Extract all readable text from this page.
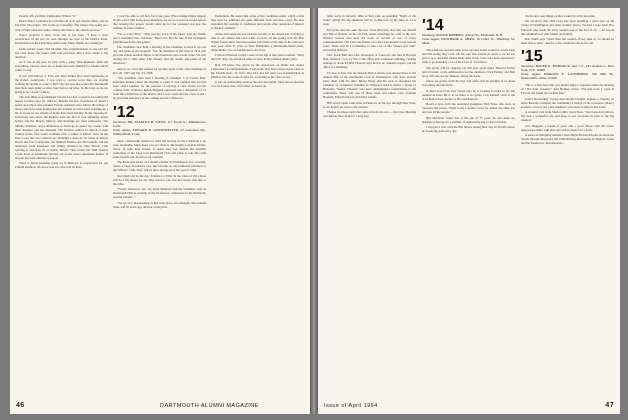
Parents: Mr. and Mrs. Christopher Wilson "X."

Helen Marca continues her activities in civic and church affairs, just as Fred did. She writes: "I'm on the go constantly. The Clapps flew north on a visit of both some and senior classes that time to the church services."

Nancy received a letter from one of his sons: "I have a clear recollection of the trip we took through our tour of the Oxford Press. Dartmouth was here and there with a loaf. Many friends are writing in."

Some golden years" that he shall. Our congratulations to one and all! We can't know the future with real precision. But I have made a big decision.

As it was in the past, in style with a wing, With kindness, faith and everything. Several cases are at hand and went Waiting for friends who'll come, to stay.

If you will believe, S. Eray and Janet Parker have been sightseeing in the Italian countryside. I was glad to receive word they are staying walking the spring to come to Bell City, the spot that somewhat Dartmouth men have been going to since long before our time. So the boys as we are going to be "closer" with us.

The next thing to recommend was the fact that a youth is becoming the winter vacation spot for 1963-nc. Besides the five classmates of whom I spoke and others who pleaded Florida residents, here follow the names of others who have been hoping that the weather we have been warming up a bit as worse in our friends at home have been having. In the Sarasota-St. Petersburg area alone, the Parkers' were the first at own adjoining winter homes and the Moyes, Murray, and Rutledge are most temporary. The Smiths, Kramers, and Collarmores in Saratoga to spend two weeks with their daughter and her husband. The Hobbes seniors in March at their country home, they return to Maine after a winter at Rhode. Over on the East Coast, the Leo Gibsons are planning a hand as far north at Delray Beach and Fort Lauderdale, the Mildred Rollins and McConnells. On the landscape from Pompano and Jimmy Denison in Vero Beach. Club Sterling is seriously ill at Delray Beach. That leaves the Wall Stanley Locke hotel at Altamonte Springs out of the state's retirement homes. If anyone has been omitted, speak up.

There is much planning going on in Hanover in preparation for our Fiftieth Reunion. We know that our class will be there.

I won't be able to tell how far it has gone. What strange things happen in this world with many more members. As we go to press it would appear that seventy-five people would come up for the weekend and lose the summer in some comfort.

"Far to Carry Boy!" "That had the grace of the Chart" said my friend, and I remember that classmate "Here's the first he was in the Lexington Field House before the game."

The freshman class held a meeting in the Chamber to have it up one day and spoke of the program. "We, the members of the class of 1912 will give the annual reunion dinner to all classmates who would come. We will arrange for a 1964 table. This Mauzy said the details and plans of the afternoon."

And so we close this session by quoting again of the class meetings of Oct. 29, 1907 and Jan. 23, 1908:

"The freshman class held a meeting in Chamber 5 of Culver Hall. President Renner called the meeting to order. It was planned that we had been called together for the purpose of electing a class leader for the coming term. Professor Ralph Brigham appeared and a delegation of 12 from this committee of the district and it was voted that the class of 1911 be given the best place in the coming parade at Hanover."

'12
Secretary, DR. STANLEY B. WELD, 111 South St., Middletown, Conn.
Class Agent, EDWARD R. LINGENFELTER, 53 Lancaster Rd., Wethersfield, Conn.

After a Dartmouth reunion in 1963 and leaving for the Caribbean to be gone all middle, Marti knew you too about it. He bought a scrap to Dallas, Texas, in time after Easter. It seems that Ted attends the monthly gatherings of the Cape Cod Dartmouth Club and plans to take this with some friends who dream to our reunions.

The Brewsters heard of a month's dinner in Washington D.C. recently, where a large Floridaless tour, has become an old-fashioned luncheon at the Officers' Club. They will be there during all of the year of 1964.

Ted Odell will be the new Scheibe for 1964. In the Class of 1911 there will be a big dinner for all. They need to call over the people who like to the table.

"Friday afternoon, Jan. 16, Dean Emerson and the freshmen class in Dartmouth Hall at opening of the Professors' conference in the Ballroom, and the campus..."

"We go over that meeting as that took place. Our thoughts still contain them, and 50 years ago, and not a long time.

Institutions. He stated that some of the conditions under which a man may now be admitted are quite different from previous years. He also explained the working of conditions and certain other questions of interest to the new students."

Arthur Gill spent the day with me recently at his annual job of trying to take in our annual life. And while we have all the spring with the Bob Waller Vessel show that there seems will arrive at the time of his brief spot next year. After 35 years as New Hampshire a Dartmouth-trained man, Alma Maher, two old additional to the class.

From Al Emerson comes a note on his trip to this year's reunion. "Only the best" they say and that's what we have in his planned dinner party.

Don O'Connor has given us the low-down on Hank and Agnes Laflresden's accomplishments. From both, they had a three-week cruise to the Florida Keys. In 1912, they had and left their two grandchildren in Pinellas City the week of April 10, according to the class record.

It was an outstanding event in the old class hymn. They told us that this was even more than 1912 when we had it all.

46	DARTMOUTH ALUMNI MAGAZINE

taffer early in October 1964 as they plan on spending "Night of the Gang" during the day. Reunion will be in Hanover on the June 11-13 at least.

Everyone who has seen the new Class Directory now that our Sheriff and Bill of Boston, in the 18-19th, Mohr informing his staff at the new Wallace Graves who kept the book of records of tree of every commencement. The Class has finally over the Class Poems' every several years. There will be a Committee to take care of this "dinner and walk" and seeing Hanover.

Mrs. Rock Bull and Alex Davenport of Concord, and that is Howard Bull, suffered a loss by fire at the office and warehouse building, causing damage to about $5,000. Howard says he has no valuable papers, but his office is a shambles.

It's nice to hear that the fireside Nick Connole was among those at the Annual Ball of the Dartmouth Club of Washington, who have already show them with the time. Heavy Harry and his own as described the Chamber of Commerce building as Februarys held to honor a group of Honorary "Senior Citizens" who have distinguished contributions to the community. Harry was one of those cited and others were Franklin Hopkins, Ellen Kernovan and Dave Adams.

Bill Jewett spent some time in Hanover on his trip through New York, as we hoped; he went to the reunion.

Thanks for those cards that come in from all over — the Class Meeting was held in New York for a long stay.

'14
Secretary, ROGER ROBBINS, 4 Pearl St., Plymouth, N. H.
Class Agent, WINTHROP A. SHAW, 10 Cabot St., Winthrop 52, Mass.

Three fellows decided some years ago that Japan would be worth a trip and this spring they went. On the tour that started on April 1, we all see you to re it. And that means many men in the Class who have expressed a wish to go including a lot of the Class of '14 fellows.

The group will be stepping out this year again under Howard Forber and all return to the Ambassador for the luncheon. Dick Henley and Bob Gray will also see the Shakers during the week.

There are stories from the trip, and Anne will be sending to us about everything that she finds.

A short note from Lew Curtis says he is looking forward to the big reunion in June. He is to be there as its guide. Lew himself went to the class high school teacher as his contributions.

Here's a note from the perennial youngster, Bob Fiske who lives in Sarasota and writes: "Went to the Captain's Cove for dinner the other day and saw all the people."

Ben Morrison writes that at the age of 75 years, he and Anne are heading to Europe for a summer of sightseeing and a visit to friends.

I enjoyed a visit with the Bill Shaws during their stay in Florida where he is playing golf every day.

that he now sees things as they looked in 1914 and older.

We all know that Cliff Gray has been spending a good part of the winter in Washington and other warmer places. We had a note from Doc Edwards who made the early reunion one of the best of all — he was in the neighborhood with friends and family.

Bob Smith says "Don't miss the reunion. Every man of '14 should be there if he is able." And for a few weeks he will not be out.

'15
Secretary, ROGER K. MURDOCK, Apt. 7-C, 245 Avenue C, New York, N.Y. 10009
Class Agent, HAROLD E. LANSBERRY, 339 Mill St., Newtonville, Mass. 02160

This is a little note that you should enjoy a response under the heading of "The Four Greatest." Ken Hobbes writes: "We had been a week in Florida and found the weather fine."

Under the heading "Group Sees Result Tonight" appears a clipping on Deno Bencola, bringing the community a charge of the Lawrence (Mass.) Gardens. A lot of our Class members were there to help in this event.

A colorful card from Marjol (Mrs. Don) Dow: "Just back from Africa. We had a wonderful trip and hope to see everyone in June at the big reunion."

Lew Huggins, a friend of years and a good fellow with the Class, enjoyed the times with Don and told us about it in a letter.

A series of intriguing missives from Hoyle Bowen informs us about his travels through Maryland, the Williamsburg Restoration in Virginia, Texas and the Southwest, and elsewhere.

Issue of April 1964	47
